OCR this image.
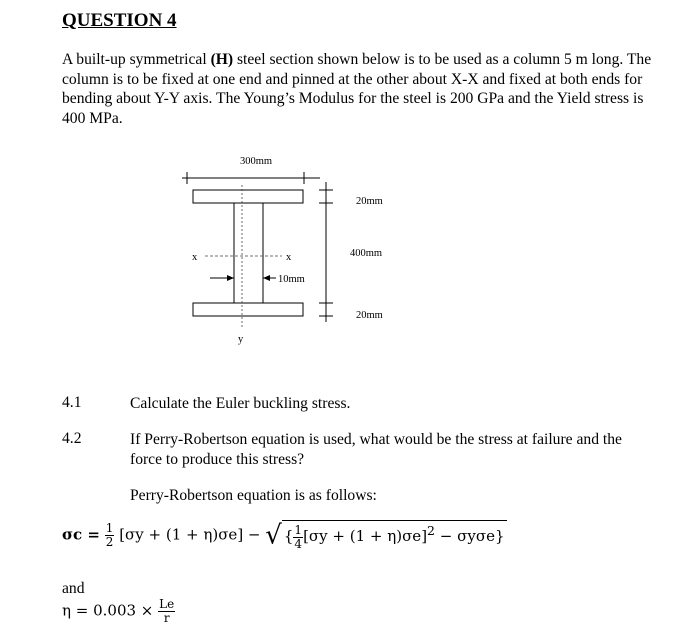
QUESTION 4
A built-up symmetrical (H) steel section shown below is to be used as a column 5 m long. The column is to be fixed at one end and pinned at the other about X-X and fixed at both ends for bending about Y-Y axis. The Young’s Modulus for the steel is 200 GPa and the Yield stress is 400 MPa.
300mm
x	x
y
10mm
20mm
400mm
20mm
4.1	Calculate the Euler buckling stress.
4.2	If Perry-Robertson equation is used, what would be the stress at failure and the force to produce this stress?
Perry-Robertson equation is as follows:
$\sigma c = \frac{1}{2} [\sigma y + (1 + \eta)\sigma e]$ − √ { $\frac{1}{4} [\sigma y + (1 + \eta)\sigma e]^2 - \sigma y\sigma e$}
and
$\eta = 0.003 \times \frac{Le}{r}$
